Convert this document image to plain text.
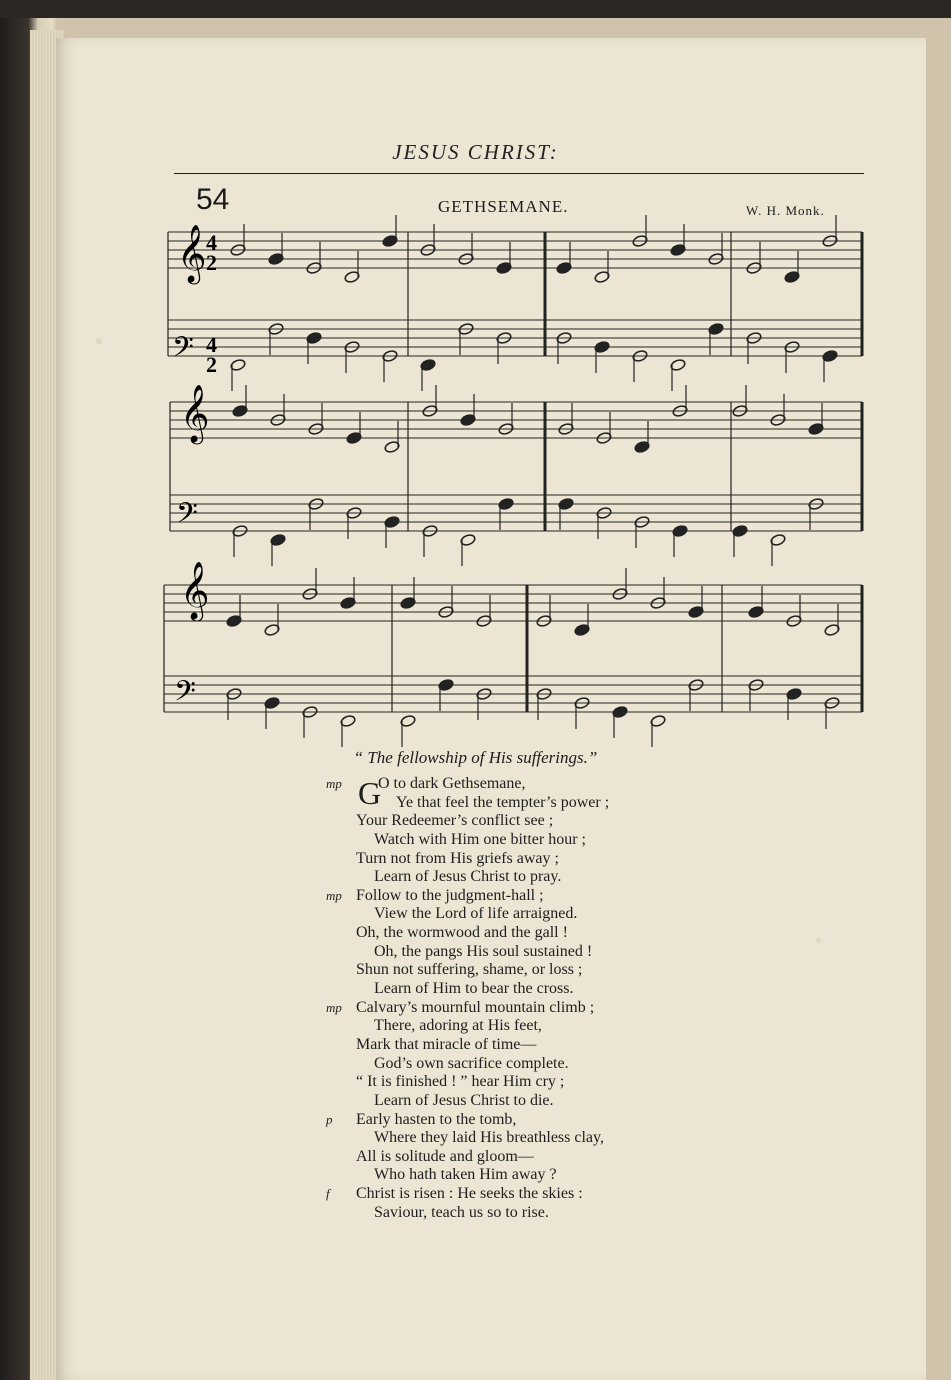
JESUS CHRIST:
54	GETHSEMANE.	W. H. Monk.
𝄞
𝄞
𝄞
𝄢
𝄢
𝄢
4
2
4
2
“ The fellowship of His sufferings.”
mp G
O to dark Gethsemane,
Ye that feel the tempter’s power ;
Your Redeemer’s conflict see ;
Watch with Him one bitter hour ;
Turn not from His griefs away ;
Learn of Jesus Christ to pray.
mp Follow to the judgment-hall ;
View the Lord of life arraigned.
Oh, the wormwood and the gall !
Oh, the pangs His soul sustained !
Shun not suffering, shame, or loss ;
Learn of Him to bear the cross.
mp Calvary’s mournful mountain climb ;
There, adoring at His feet,
Mark that miracle of time—
God’s own sacrifice complete.
“ It is finished ! ” hear Him cry ;
Learn of Jesus Christ to die.
p Early hasten to the tomb,
Where they laid His breathless clay,
All is solitude and gloom—
Who hath taken Him away ?
f Christ is risen : He seeks the skies :
Saviour, teach us so to rise.
